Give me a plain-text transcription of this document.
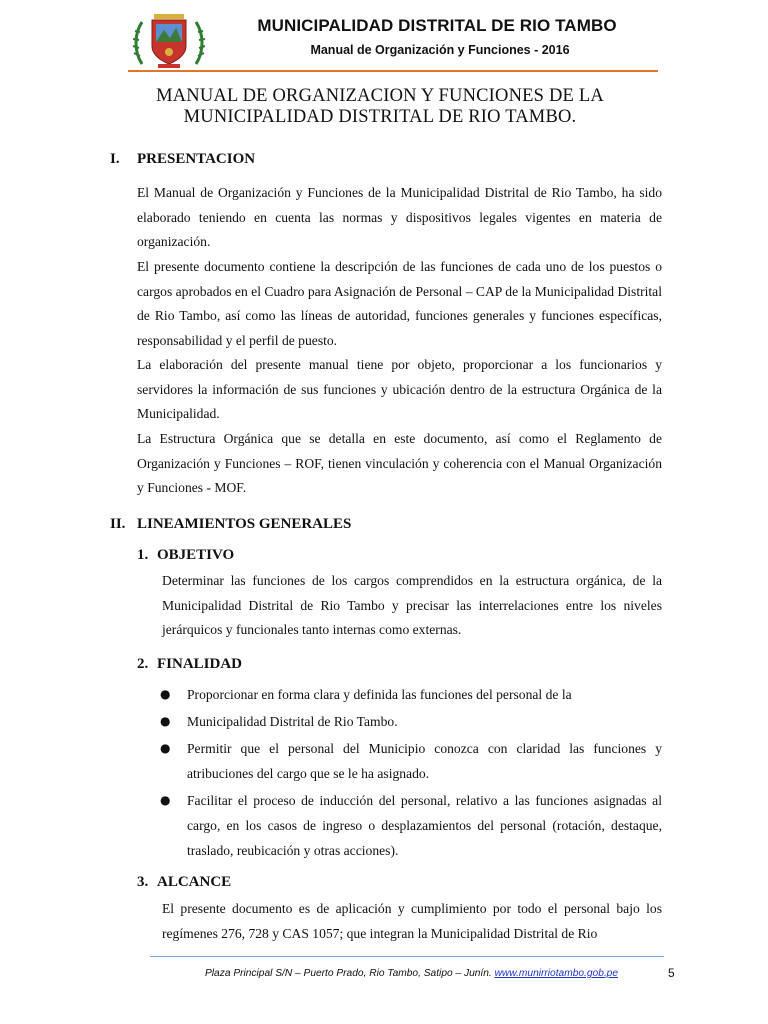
MUNICIPALIDAD DISTRITAL DE RIO TAMBO
Manual de Organización y Funciones - 2016
MANUAL DE ORGANIZACION Y FUNCIONES DE LA
MUNICIPALIDAD DISTRITAL DE RIO TAMBO.
I. PRESENTACION

El Manual de Organización y Funciones de la Municipalidad Distrital de Rio Tambo, ha sido elaborado teniendo en cuenta las normas y dispositivos legales vigentes en materia de organización.

El presente documento contiene la descripción de las funciones de cada uno de los puestos o cargos aprobados en el Cuadro para Asignación de Personal – CAP de la Municipalidad Distrital de Rio Tambo, así como las líneas de autoridad, funciones generales y funciones específicas, responsabilidad y el perfil de puesto.

La elaboración del presente manual tiene por objeto, proporcionar a los funcionarios y servidores la información de sus funciones y ubicación dentro de la estructura Orgánica de la Municipalidad.

La Estructura Orgánica que se detalla en este documento, así como el Reglamento de Organización y Funciones – ROF, tienen vinculación y coherencia con el Manual Organización y Funciones - MOF.

II. LINEAMIENTOS GENERALES
1. OBJETIVO

Determinar las funciones de los cargos comprendidos en la estructura orgánica, de la Municipalidad Distrital de Rio Tambo y precisar las interrelaciones entre los niveles jerárquicos y funcionales tanto internas como externas.

2. FINALIDAD
● Proporcionar en forma clara y definida las funciones del personal de la
● Municipalidad Distrital de Rio Tambo.
● Permitir que el personal del Municipio conozca con claridad las funciones y atribuciones del cargo que se le ha asignado.
● Facilitar el proceso de inducción del personal, relativo a las funciones asignadas al cargo, en los casos de ingreso o desplazamientos del personal (rotación, destaque, traslado, reubicación y otras acciones).
3. ALCANCE

El presente documento es de aplicación y cumplimiento por todo el personal bajo los regímenes 276, 728 y CAS 1057; que integran la Municipalidad Distrital de Rio

Plaza Principal S/N – Puerto Prado, Rio Tambo, Satipo – Junín. www.munirriotambo.gob.pe	5
